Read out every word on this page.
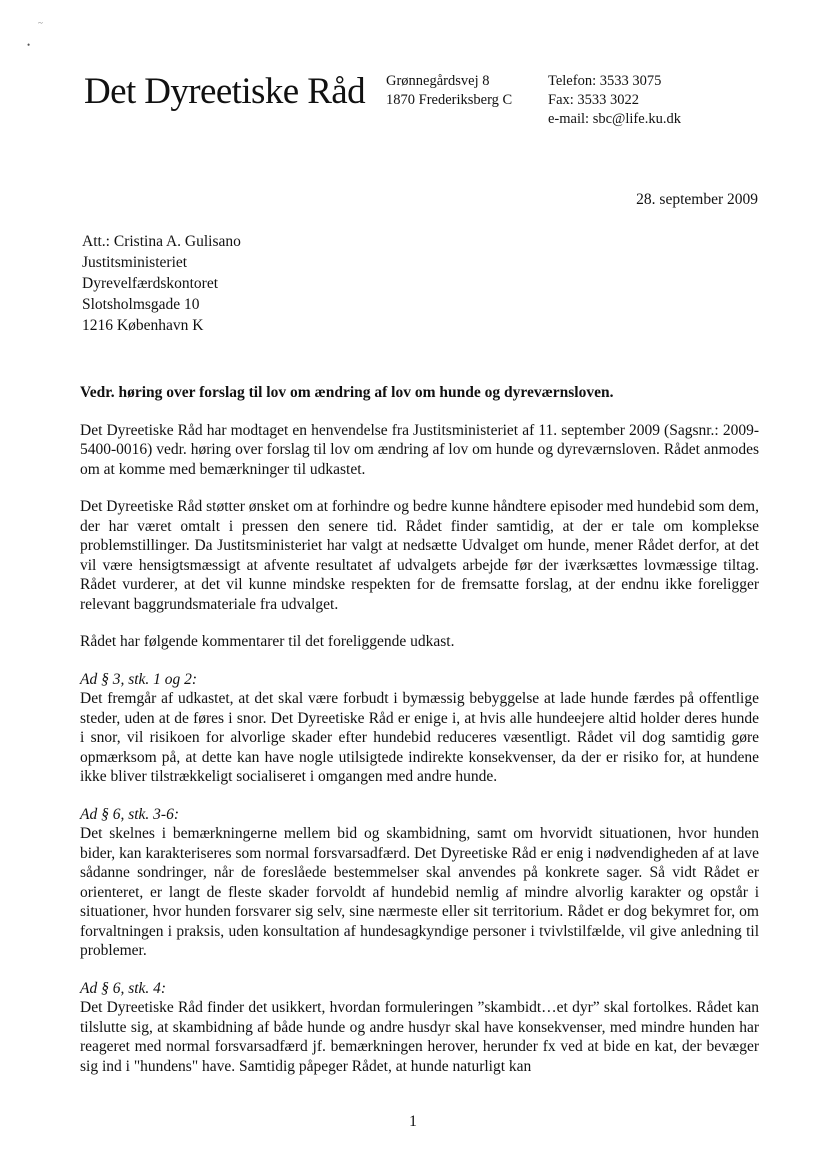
~
•
Det Dyreetiske Råd Grønnegårdsvej 8
1870 Frederiksberg C
Telefon: 3533 3075
Fax: 3533 3022
e-mail: sbc@life.ku.dk
28. september 2009
Att.: Cristina A. Gulisano
Justitsministeriet
Dyrevelfærdskontoret
Slotsholmsgade 10
1216 København K

Vedr. høring over forslag til lov om ændring af lov om hunde og dyreværnsloven.

Det Dyreetiske Råd har modtaget en henvendelse fra Justitsministeriet af 11. september 2009 (Sagsnr.: 2009-5400-0016) vedr. høring over forslag til lov om ændring af lov om hunde og dyreværnsloven. Rådet anmodes om at komme med bemærkninger til udkastet.

Det Dyreetiske Råd støtter ønsket om at forhindre og bedre kunne håndtere episoder med hundebid som dem, der har været omtalt i pressen den senere tid. Rådet finder samtidig, at der er tale om komplekse problemstillinger. Da Justitsministeriet har valgt at nedsætte Udvalget om hunde, mener Rådet derfor, at det vil være hensigtsmæssigt at afvente resultatet af udvalgets arbejde før der iværksættes lovmæssige tiltag. Rådet vurderer, at det vil kunne mindske respekten for de fremsatte forslag, at der endnu ikke foreligger relevant baggrundsmateriale fra udvalget.

Rådet har følgende kommentarer til det foreliggende udkast.

Ad § 3, stk. 1 og 2:
Det fremgår af udkastet, at det skal være forbudt i bymæssig bebyggelse at lade hunde færdes på offentlige steder, uden at de føres i snor. Det Dyreetiske Råd er enige i, at hvis alle hundeejere altid holder deres hunde i snor, vil risikoen for alvorlige skader efter hundebid reduceres væsentligt. Rådet vil dog samtidig gøre opmærksom på, at dette kan have nogle utilsigtede indirekte konsekvenser, da der er risiko for, at hundene ikke bliver tilstrækkeligt socialiseret i omgangen med andre hunde.

Ad § 6, stk. 3-6:
Det skelnes i bemærkningerne mellem bid og skambidning, samt om hvorvidt situationen, hvor hunden bider, kan karakteriseres som normal forsvarsadfærd. Det Dyreetiske Råd er enig i nødvendigheden af at lave sådanne sondringer, når de foreslåede bestemmelser skal anvendes på konkrete sager. Så vidt Rådet er orienteret, er langt de fleste skader forvoldt af hundebid nemlig af mindre alvorlig karakter og opstår i situationer, hvor hunden forsvarer sig selv, sine nærmeste eller sit territorium. Rådet er dog bekymret for, om forvaltningen i praksis, uden konsultation af hundesagkyndige personer i tvivlstilfælde, vil give anledning til problemer.

Ad § 6, stk. 4:
Det Dyreetiske Råd finder det usikkert, hvordan formuleringen ”skambidt…et dyr” skal fortolkes. Rådet kan tilslutte sig, at skambidning af både hunde og andre husdyr skal have konsekvenser, med mindre hunden har reageret med normal forsvarsadfærd jf. bemærkningen herover, herunder fx ved at bide en kat, der bevæger sig ind i "hundens" have. Samtidig påpeger Rådet, at hunde naturligt kan

1
